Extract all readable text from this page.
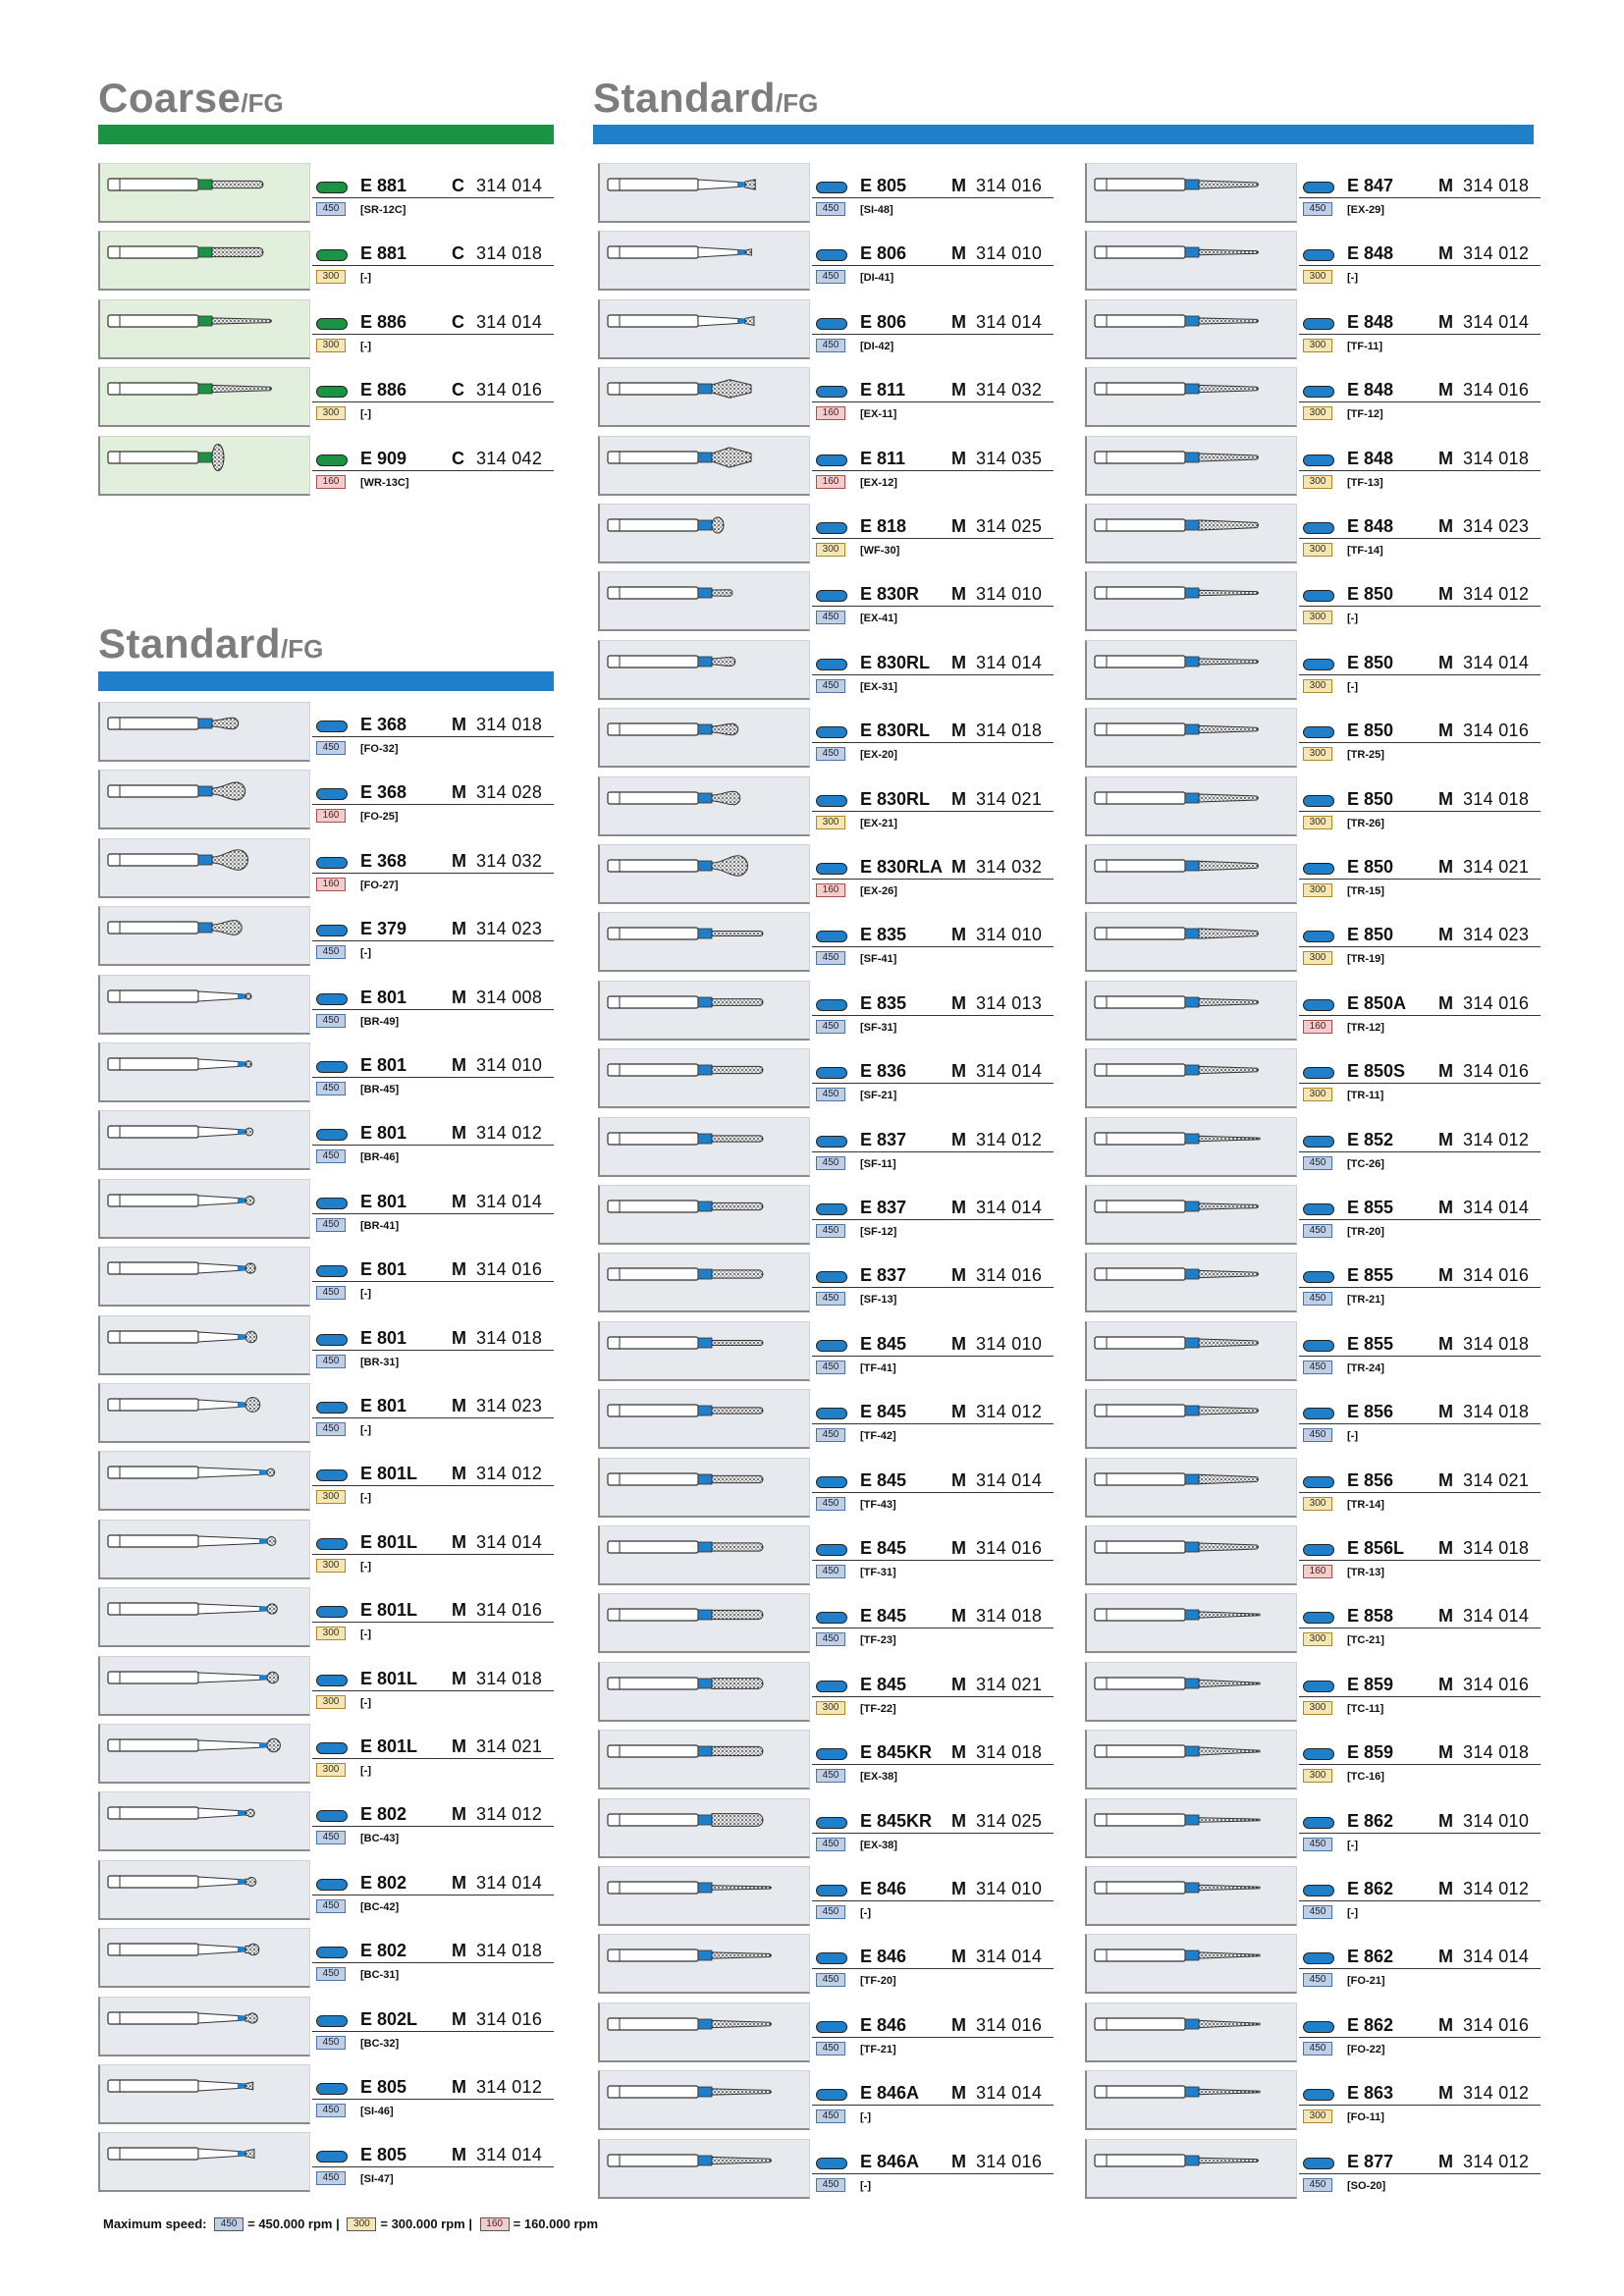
Coarse/FG	Standard/FG
Standard/FG
E 881	C 314 014
450	[SR-12C]
E 881	C 314 018
300	[-]
E 886	C 314 014
300	[-]
E 886	C 314 016
300	[-]
E 909	C 314 042
160	[WR-13C]
E 368	M 314 018
450	[FO-32]
E 368	M 314 028
160	[FO-25]
E 368	M 314 032
160	[FO-27]
E 379	M 314 023
450	[-]
E 801	M 314 008
450	[BR-49]
E 801	M 314 010
450	[BR-45]
E 801	M 314 012
450	[BR-46]
E 801	M 314 014
450	[BR-41]
E 801	M 314 016
450	[-]
E 801	M 314 018
450	[BR-31]
E 801	M 314 023
450	[-]
E 801L M 314 012
300	[-]
E 801L M 314 014
300	[-]
E 801L M 314 016
300	[-]
E 801L M 314 018
300	[-]
E 801L M 314 021
300	[-]
E 802	M 314 012
450	[BC-43]
E 802	M 314 014
450	[BC-42]
E 802	M 314 018
450	[BC-31]
E 802L M 314 016
450	[BC-32]
E 805	M 314 012
450	[SI-46]
E 805	M 314 014
450	[SI-47]
E 805	M 314 016
450	[SI-48]
E 806	M 314 010
450	[DI-41]
E 806	M 314 014
450	[DI-42]
E 811	M 314 032
160	[EX-11]
E 811	M 314 035
160	[EX-12]
E 818	M 314 025
300	[WF-30]
E 830R M 314 010
450	[EX-41]
E 830RL M 314 014
450	[EX-31]
E 830RL M 314 018
450	[EX-20]
E 830RL M 314 021
300	[EX-21]
E 830RLA M 314 032
160	[EX-26]
E 835	M 314 010
450	[SF-41]
E 835	M 314 013
450	[SF-31]
E 836	M 314 014
450	[SF-21]
E 837	M 314 012
450	[SF-11]
E 837	M 314 014
450	[SF-12]
E 837	M 314 016
450	[SF-13]
E 845	M 314 010
450	[TF-41]
E 845	M 314 012
450	[TF-42]
E 845	M 314 014
450	[TF-43]
E 845	M 314 016
450	[TF-31]
E 845	M 314 018
450	[TF-23]
E 845	M 314 021
300	[TF-22]
E 845KR M 314 018
450	[EX-38]
E 845KR M 314 025
450	[EX-38]
E 846	M 314 010
450	[-]
E 846	M 314 014
450	[TF-20]
E 846	M 314 016
450	[TF-21]
E 846A M 314 014
450	[-]
E 846A M 314 016
450	[-]
E 847	M 314 018
450	[EX-29]
E 848	M 314 012
300	[-]
E 848	M 314 014
300	[TF-11]
E 848	M 314 016
300	[TF-12]
E 848	M 314 018
300	[TF-13]
E 848	M 314 023
300	[TF-14]
E 850	M 314 012
300	[-]
E 850	M 314 014
300	[-]
E 850	M 314 016
300	[TR-25]
E 850	M 314 018
300	[TR-26]
E 850	M 314 021
300	[TR-15]
E 850	M 314 023
300	[TR-19]
E 850A M 314 016
160	[TR-12]
E 850S M 314 016
300	[TR-11]
E 852	M 314 012
450	[TC-26]
E 855	M 314 014
450	[TR-20]
E 855	M 314 016
450	[TR-21]
E 855	M 314 018
450	[TR-24]
E 856	M 314 018
450	[-]
E 856	M 314 021
300	[TR-14]
E 856L M 314 018
160	[TR-13]
E 858	M 314 014
300	[TC-21]
E 859	M 314 016
300	[TC-11]
E 859	M 314 018
300	[TC-16]
E 862	M 314 010
450	[-]
E 862	M 314 012
450	[-]
E 862	M 314 014
450	[FO-21]
E 862	M 314 016
450	[FO-22]
E 863	M 314 012
300	[FO-11]
E 877	M 314 012
450	[SO-20]
Maximum speed: 450 = 450.000 rpm | 300 = 300.000 rpm | 160 = 160.000 rpm
